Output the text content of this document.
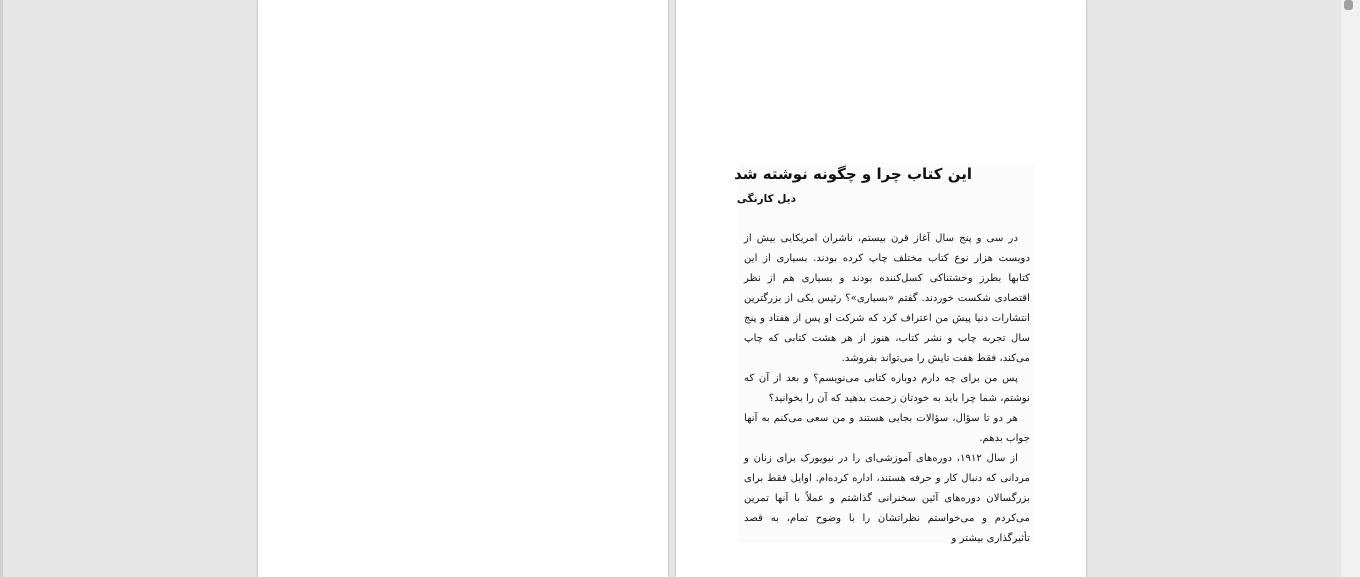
این کتاب چرا و چگونه نوشته شد
دیل کارنگی

در سی و پنج سال آغاز قرن بیستم، ناشران امریکایی بیش از دویست هزار نوع کتاب مختلف چاپ کرده بودند. بسیاری از این کتابها بطرز وحشتناکی کسل‌کننده بودند و بسیاری هم از نظر اقتصادی شکست خوردند. گفتم «بسیاری»؟ رئیس یکی از بزرگترین انتشارات دنیا پیش من اعتراف کرد که شرکت او پس از هفتاد و پنج سال تجربه چاپ و نشر کتاب، هنوز از هر هشت کتابی که چاپ می‌کند، فقط هفت تایش را می‌تواند بفروشد.

پس من برای چه دارم دوباره کتابی می‌نویسم؟ و بعد از آن که نوشتم، شما چرا باید به خودتان زحمت بدهید که آن را بخوانید؟

هر دو تا سؤال، سؤالات بجایی هستند و من سعی می‌کنم به آنها جواب بدهم.

از سال ۱۹۱۲، دوره‌های آموزشی‌ای را در نیویورک برای زنان و مردانی که دنبال کار و حرفه هستند، اداره کرده‌ام. اوایل فقط برای بزرگسالان دوره‌های آئین سخنرانی گذاشتم و عملاً با آنها تمرین می‌کردم و می‌خواستم نظراتشان را با وضوح تمام، به قصد تأثیرگذاری بیشتر و
